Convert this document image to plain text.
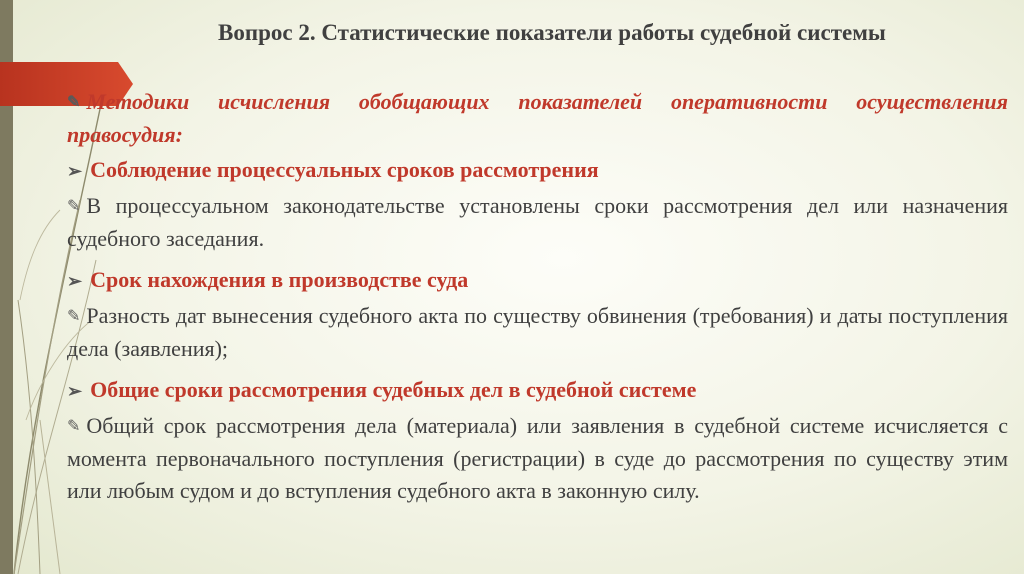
Вопрос 2. Статистические показатели работы судебной системы

✎ Методики исчисления обобщающих показателей оперативности осуществления правосудия:

➢ Соблюдение процессуальных сроков рассмотрения

✎ В процессуальном законодательстве установлены сроки рассмотрения дел или назначения судебного заседания.

➢ Срок нахождения в производстве суда

✎ Разность дат вынесения судебного акта по существу обвинения (требования) и даты поступления дела (заявления);

➢ Общие сроки рассмотрения судебных дел в судебной системе

✎ Общий срок рассмотрения дела (материала) или заявления в судебной системе исчисляется с момента первоначального поступления (регистрации) в суде до рассмотрения по существу этим или любым судом и до вступления судебного акта в законную силу.
